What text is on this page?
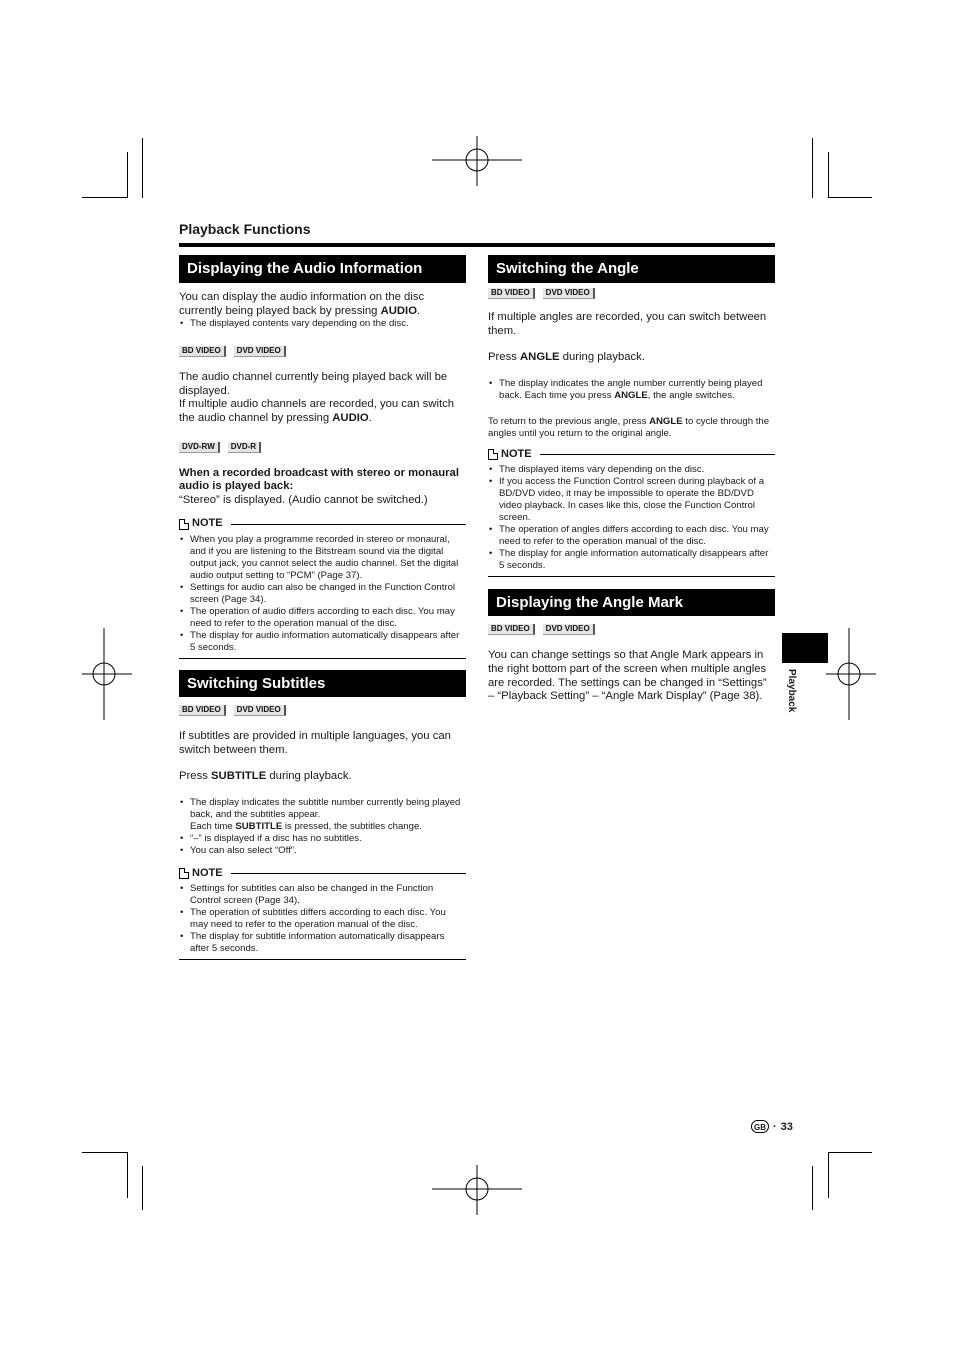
Playback Functions
Displaying the Audio Information

You can display the audio information on the disc currently being played back by pressing AUDIO.

• The displayed contents vary depending on the disc.
BD VIDEO	DVD VIDEO

The audio channel currently being played back will be displayed.

If multiple audio channels are recorded, you can switch the audio channel by pressing AUDIO.

DVD-RW	DVD-R

When a recorded broadcast with stereo or monaural audio is played back:

“Stereo” is displayed. (Audio cannot be switched.)

NOTE
• When you play a programme recorded in stereo or monaural, and if you are listening to the Bitstream sound via the digital output jack, you cannot select the audio channel. Set the digital audio output setting to “PCM” (Page 37).
• Settings for audio can also be changed in the Function Control screen (Page 34).
• The operation of audio differs according to each disc. You may need to refer to the operation manual of the disc.
• The display for audio information automatically disappears after 5 seconds.
Switching Subtitles
BD VIDEO	DVD VIDEO

If subtitles are provided in multiple languages, you can switch between them.

Press SUBTITLE during playback.

• The display indicates the subtitle number currently being played back, and the subtitles appear.
Each time SUBTITLE is pressed, the subtitles change.
• “–” is displayed if a disc has no subtitles.
• You can also select “Off”.
NOTE
• Settings for subtitles can also be changed in the Function Control screen (Page 34).
• The operation of subtitles differs according to each disc. You may need to refer to the operation manual of the disc.
• The display for subtitle information automatically disappears after 5 seconds.
Switching the Angle
BD VIDEO	DVD VIDEO

If multiple angles are recorded, you can switch between them.

Press ANGLE during playback.

• The display indicates the angle number currently being played back. Each time you press ANGLE, the angle switches.

To return to the previous angle, press ANGLE to cycle through the angles until you return to the original angle.

NOTE
• The displayed items vary depending on the disc.
• If you access the Function Control screen during playback of a BD/DVD video, it may be impossible to operate the BD/DVD video playback. In cases like this, close the Function Control screen.
• The operation of angles differs according to each disc. You may need to refer to the operation manual of the disc.
• The display for angle information automatically disappears after 5 seconds.
Displaying the Angle Mark
BD VIDEO	DVD VIDEO

You can change settings so that Angle Mark appears in the right bottom part of the screen when multiple angles are recorded. The settings can be changed in “Settings” – “Playback Setting” – “Angle Mark Display” (Page 38).	Playback
GB · 33
